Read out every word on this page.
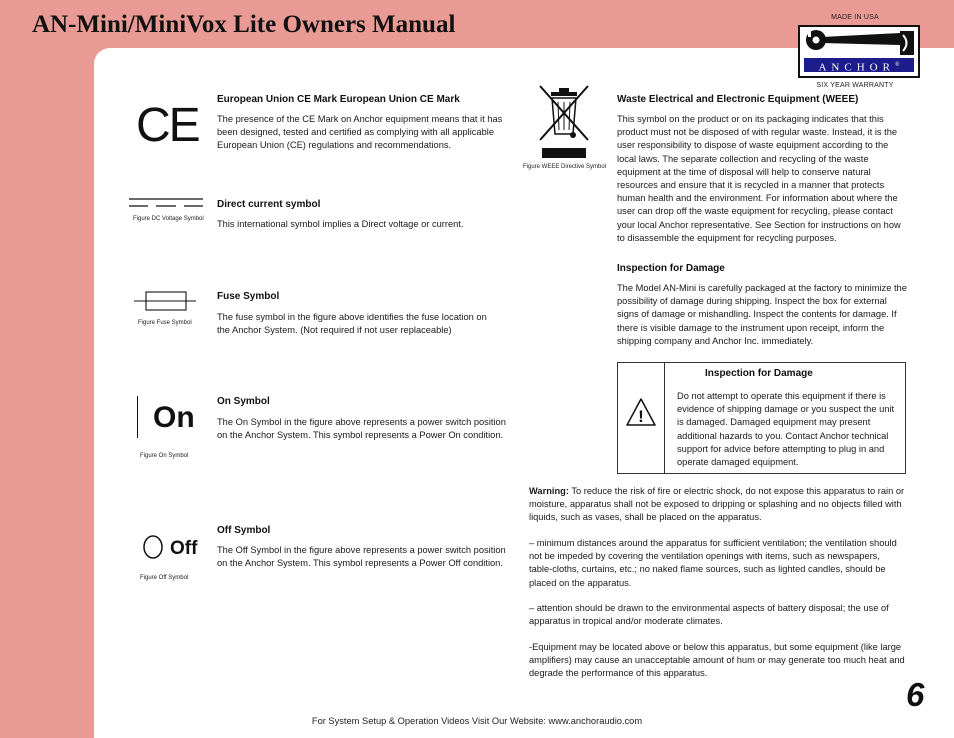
AN-Mini/MiniVox Lite Owners Manual	MADE IN USA
ANCHOR®
SIX YEAR WARRANTY
CE European Union CE Mark European Union CE Mark

The presence of the CE Mark on Anchor equipment means that it has been designed, tested and certified as complying with all applicable European Union (CE) regulations and recommendations.

Figure DC Voltage Symbol
Direct current symbol

This international symbol implies a Direct voltage or current.

Figure Fuse Symbol
Fuse Symbol

The fuse symbol in the figure above identifies the fuse location on the Anchor System. (Not required if not user replaceable)

On
Figure On Symbol
On Symbol

The On Symbol in the figure above represents a power switch position on the Anchor System. This symbol represents a Power On condition.

Off
Figure Off Symbol
Off Symbol

The Off Symbol in the figure above represents a power switch position on the Anchor System. This symbol represents a Power Off condition.

Figure WEEE Directive Symbol
Waste Electrical and Electronic Equipment (WEEE)

This symbol on the product or on its packaging indicates that this product must not be disposed of with regular waste. Instead, it is the user responsibility to dispose of waste equipment according to the local laws. The separate collection and recycling of the waste equipment at the time of disposal will help to conserve natural resources and ensure that it is recycled in a manner that protects human health and the environment. For information about where the user can drop off the waste equipment for recycling, please contact your local Anchor representative. See Section for instructions on how to disassemble the equipment for recycling purposes.

Inspection for Damage

The Model AN-Mini is carefully packaged at the factory to minimize the possibility of damage during shipping. Inspect the box for external signs of damage or mishandling. Inspect the contents for damage. If there is visible damage to the instrument upon receipt, inform the shipping company and Anchor Inc. immediately.

!
Inspection for Damage

Do not attempt to operate this equipment if there is evidence of shipping damage or you suspect the unit is damaged. Damaged equipment may present additional hazards to you. Contact Anchor technical support for advice before attempting to plug in and operate damaged equipment.

Warning: To reduce the risk of fire or electric shock, do not expose this apparatus to rain or moisture, apparatus shall not be exposed to dripping or splashing and no objects filled with liquids, such as vases, shall be placed on the apparatus.

– minimum distances around the apparatus for sufficient ventilation; the ventilation should not be impeded by covering the ventilation openings with items, such as newspapers, table-cloths, curtains, etc.; no naked flame sources, such as lighted candles, should be placed on the apparatus.

– attention should be drawn to the environmental aspects of battery disposal; the use of apparatus in tropical and/or moderate climates.

-Equipment may be located above or below this apparatus, but some equipment (like large amplifiers) may cause an unacceptable amount of hum or may generate too much heat and degrade the performance of this apparatus.

For System Setup & Operation Videos Visit Our Website: www.anchoraudio.com
6
